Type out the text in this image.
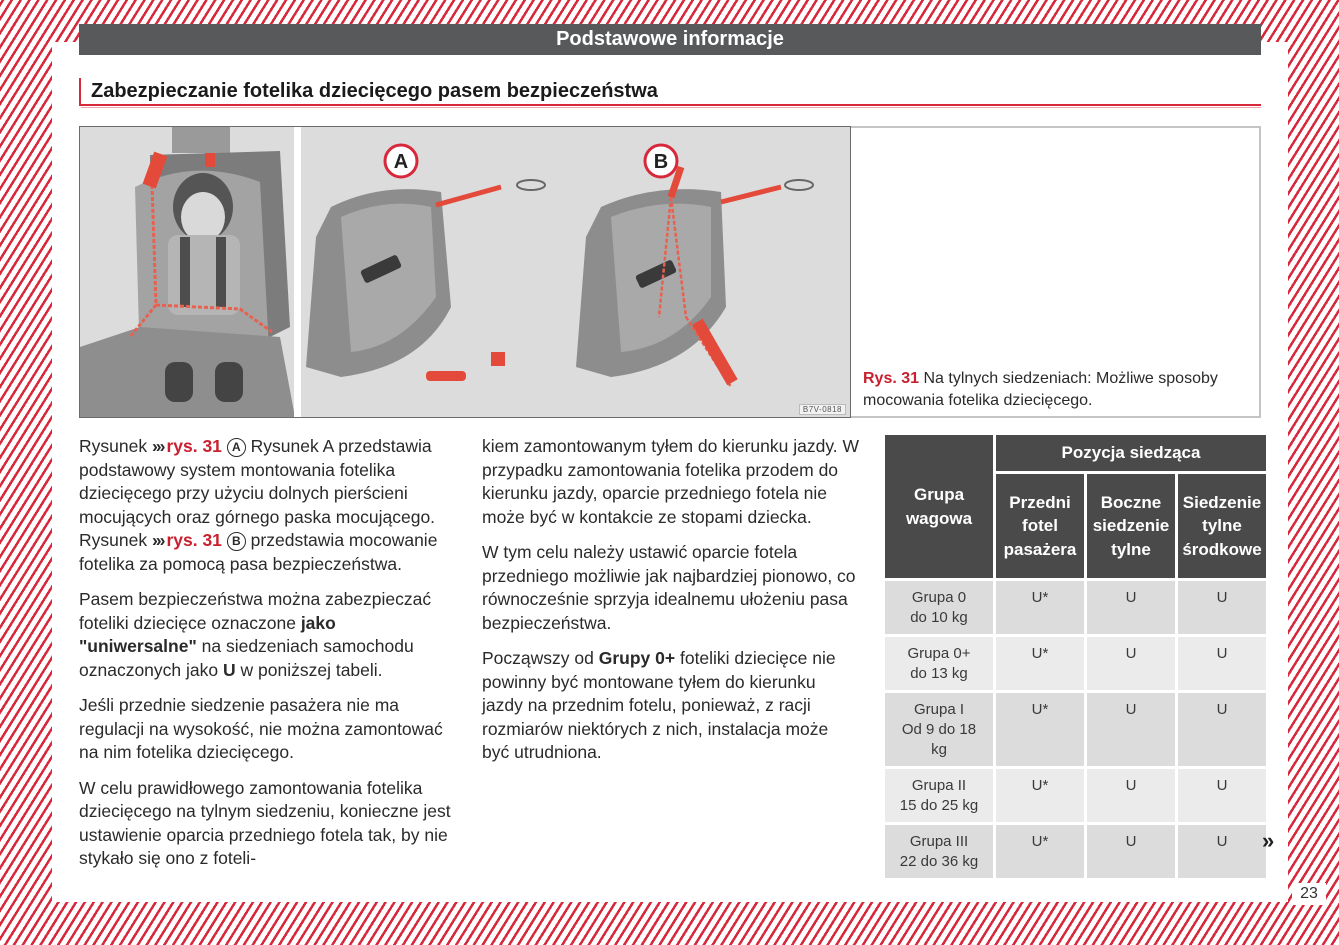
Podstawowe informacje
Zabezpieczanie fotelika dziecięcego pasem bezpieczeństwa
A	B
B7V-0818
Rys. 31 Na tylnych siedzeniach: Możliwe sposoby mocowania fotelika dziecięcego.

Rysunek ››› rys. 31 A Rysunek A przedstawia podstawowy system montowania fotelika dziecięcego przy użyciu dolnych pierścieni mocujących oraz górnego paska mocującego. Rysunek ››› rys. 31 B przedstawia mocowanie fotelika za pomocą pasa bezpieczeństwa.

Pasem bezpieczeństwa można zabezpieczać foteliki dziecięce oznaczone jako "uniwersalne" na siedzeniach samochodu oznaczonych jako U w poniższej tabeli.

Jeśli przednie siedzenie pasażera nie ma regulacji na wysokość, nie można zamontować na nim fotelika dziecięcego.

W celu prawidłowego zamontowania fotelika dziecięcego na tylnym siedzeniu, konieczne jest ustawienie oparcia przedniego fotela tak, by nie stykało się ono z foteli-

kiem zamontowanym tyłem do kierunku jazdy. W przypadku zamontowania fotelika przodem do kierunku jazdy, oparcie przedniego fotela nie może być w kontakcie ze stopami dziecka.

W tym celu należy ustawić oparcie fotela przedniego możliwie jak najbardziej pionowo, co równocześnie sprzyja idealnemu ułożeniu pasa bezpieczeństwa.

Począwszy od Grupy 0+ foteliki dziecięce nie powinny być montowane tyłem do kierunku jazdy na przednim fotelu, ponieważ, z racji rozmiarów niektórych z nich, instalacja może być utrudniona.

Grupa wagowa	Pozycja siedząca		
	Przedni fotel pasażera	Boczne siedzenie tylne	Siedzenie tylne środkowe
Grupa 0
do 10 kg	U*	U	U
Grupa 0+
do 13 kg	U*	U	U
Grupa I
Od 9 do 18 kg	U*	U	U
Grupa II
15 do 25 kg	U*	U	U
Grupa III
22 do 36 kg	U*	U	U »
23
